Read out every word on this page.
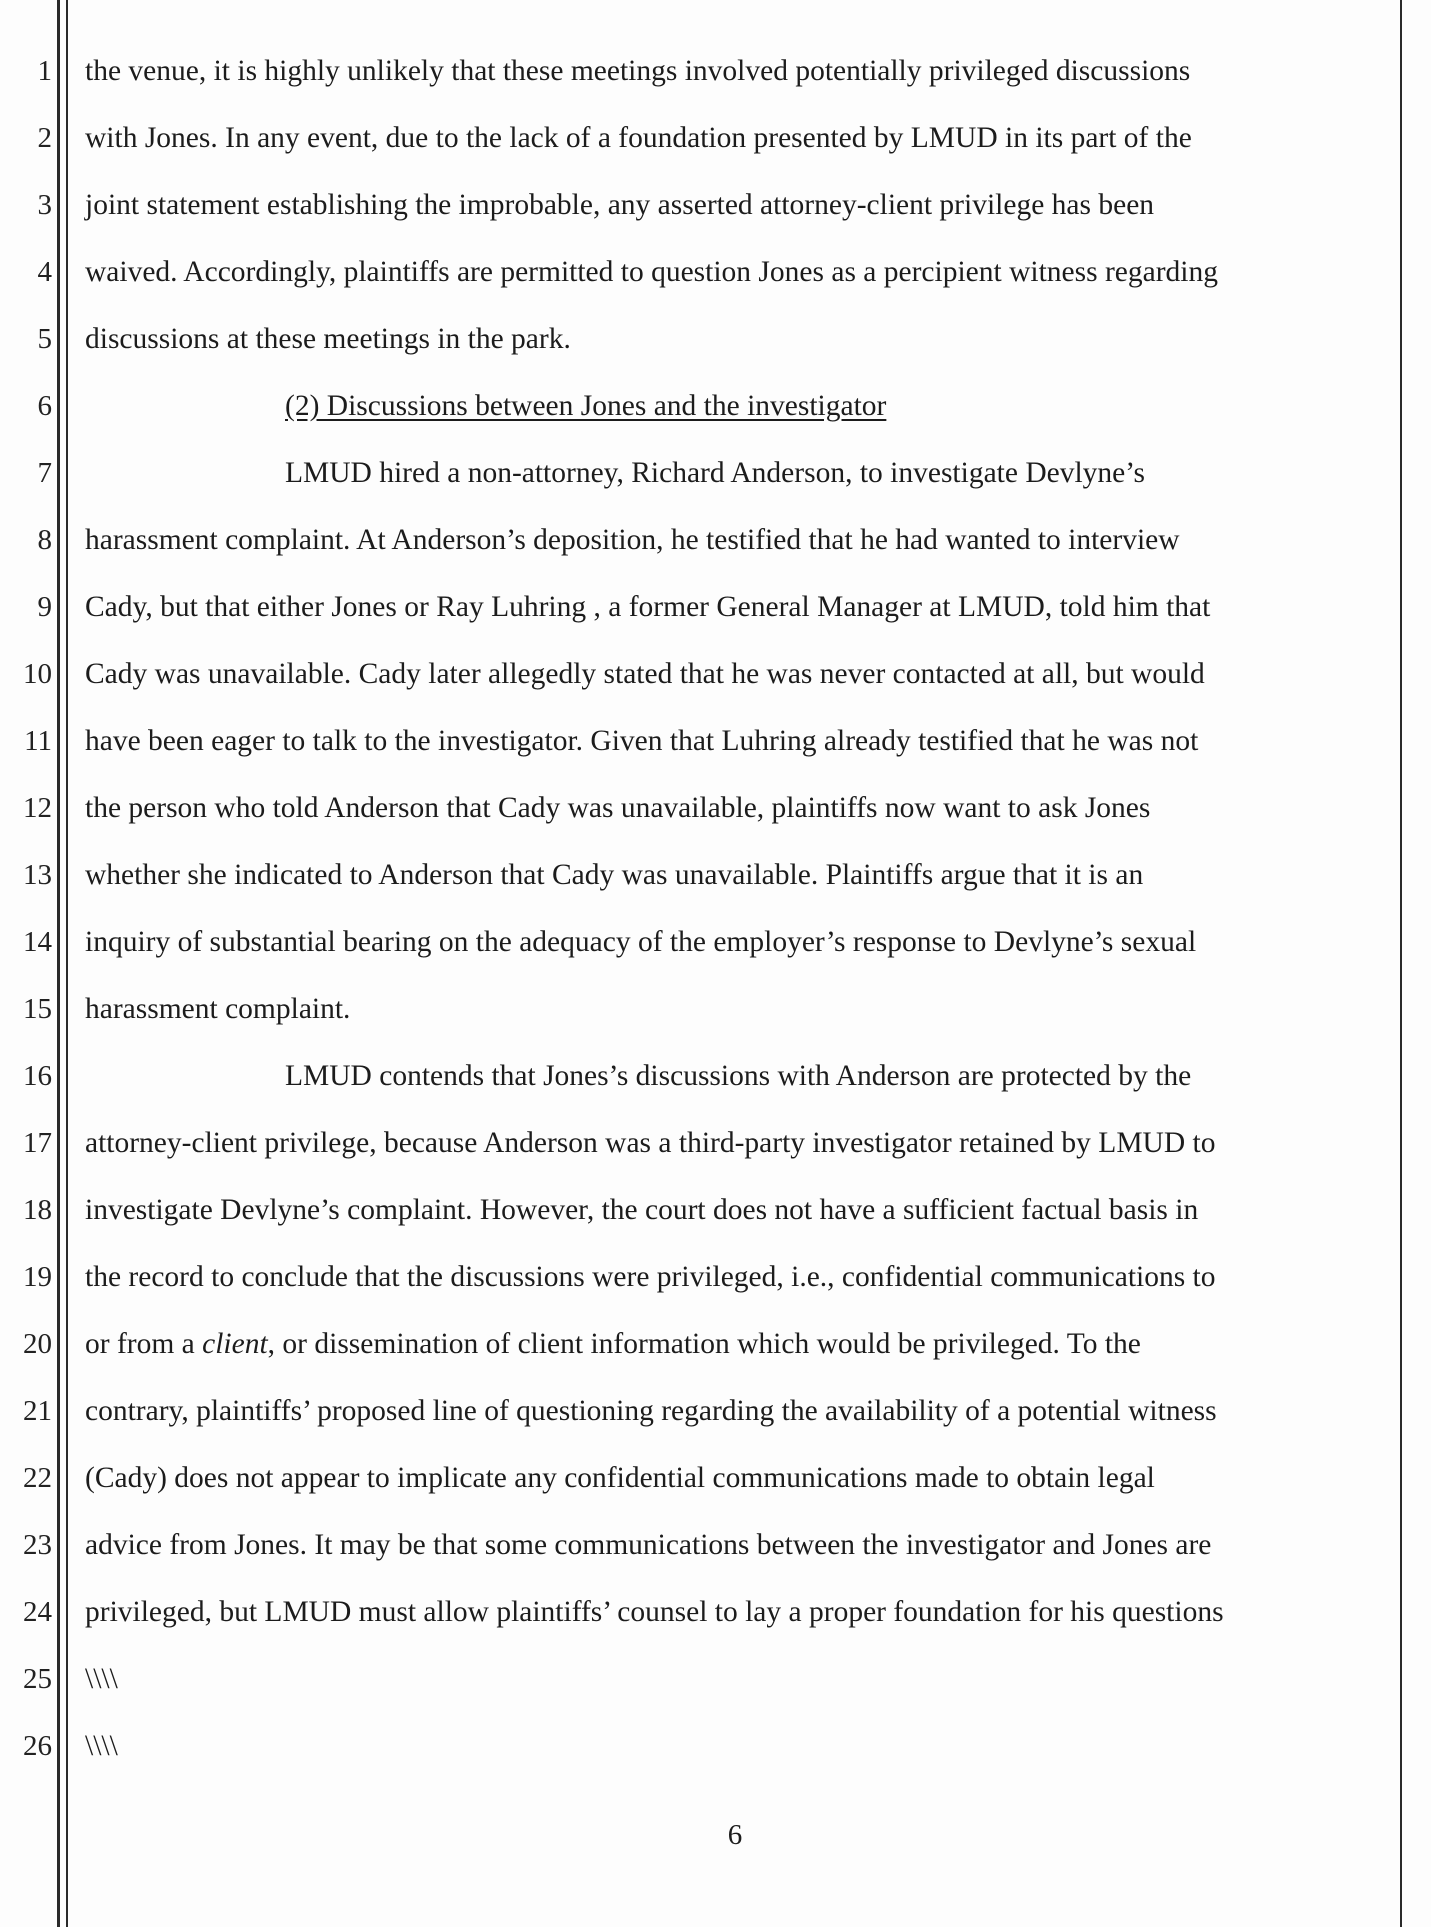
1
2
3
4
5
6
7
8
9
10
11
12
13
14
15
16
17
18
19
20
21
22
23
24
25
26
the venue, it is highly unlikely that these meetings involved potentially privileged discussions
with Jones. In any event, due to the lack of a foundation presented by LMUD in its part of the
joint statement establishing the improbable, any asserted attorney-client privilege has been
waived. Accordingly, plaintiffs are permitted to question Jones as a percipient witness regarding
discussions at these meetings in the park.
(2) Discussions between Jones and the investigator
LMUD hired a non-attorney, Richard Anderson, to investigate Devlyne’s
harassment complaint. At Anderson’s deposition, he testified that he had wanted to interview
Cady, but that either Jones or Ray Luhring , a former General Manager at LMUD, told him that
Cady was unavailable. Cady later allegedly stated that he was never contacted at all, but would
have been eager to talk to the investigator. Given that Luhring already testified that he was not
the person who told Anderson that Cady was unavailable, plaintiffs now want to ask Jones
whether she indicated to Anderson that Cady was unavailable. Plaintiffs argue that it is an
inquiry of substantial bearing on the adequacy of the employer’s response to Devlyne’s sexual
harassment complaint.
LMUD contends that Jones’s discussions with Anderson are protected by the
attorney-client privilege, because Anderson was a third-party investigator retained by LMUD to
investigate Devlyne’s complaint. However, the court does not have a sufficient factual basis in
the record to conclude that the discussions were privileged, i.e., confidential communications to
or from a client, or dissemination of client information which would be privileged. To the
contrary, plaintiffs’ proposed line of questioning regarding the availability of a potential witness
(Cady) does not appear to implicate any confidential communications made to obtain legal
advice from Jones. It may be that some communications between the investigator and Jones are
privileged, but LMUD must allow plaintiffs’ counsel to lay a proper foundation for his questions
\\\\
\\\\
6
